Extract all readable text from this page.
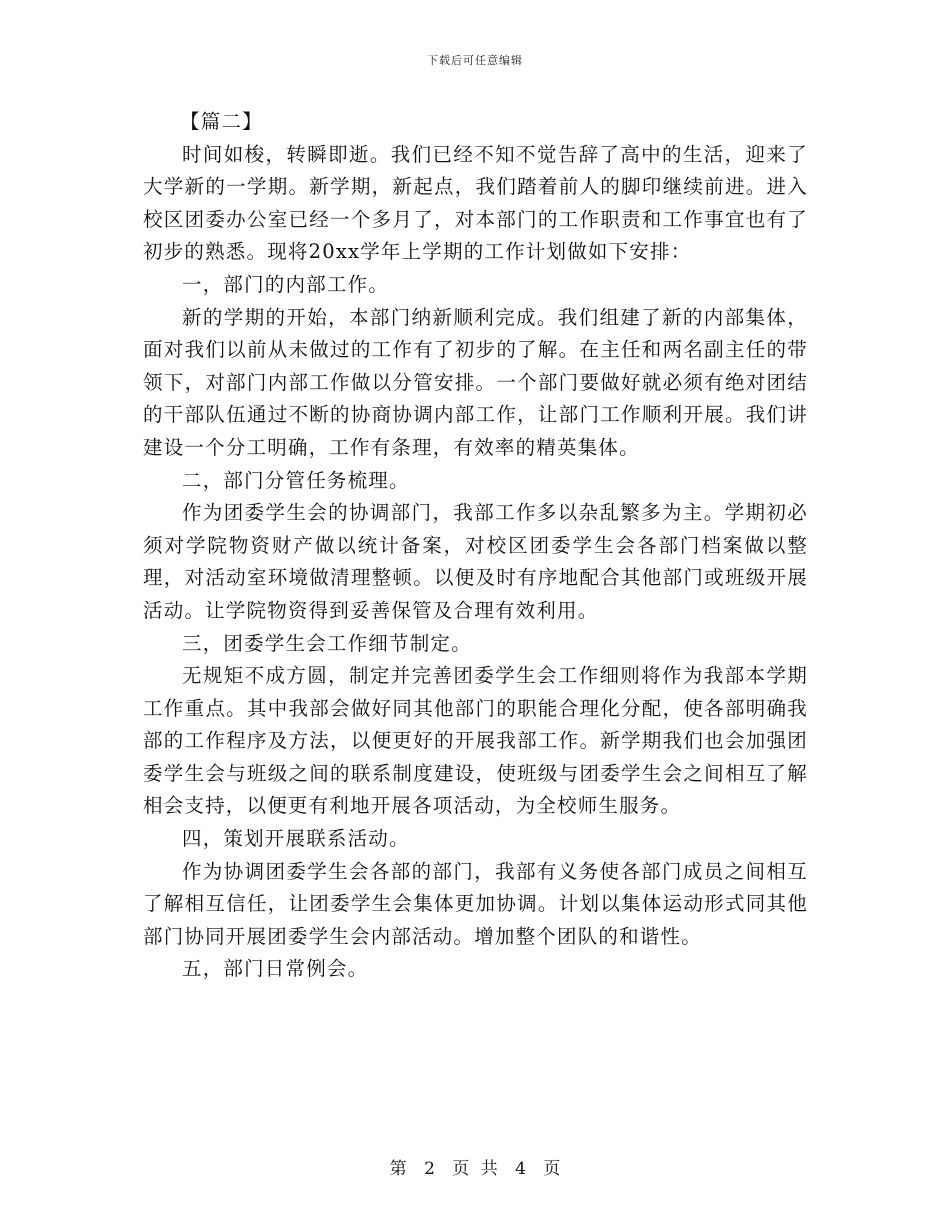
下载后可任意编辑

【篇二】

时间如梭，转瞬即逝。我们已经不知不觉告辞了高中的生活，迎来了大学新的一学期。新学期，新起点，我们踏着前人的脚印继续前进。进入校区团委办公室已经一个多月了，对本部门的工作职责和工作事宜也有了初步的熟悉。现将20xx学年上学期的工作计划做如下安排：

一，部门的内部工作。

新的学期的开始，本部门纳新顺利完成。我们组建了新的内部集体，面对我们以前从未做过的工作有了初步的了解。在主任和两名副主任的带领下，对部门内部工作做以分管安排。一个部门要做好就必须有绝对团结的干部队伍通过不断的协商协调内部工作，让部门工作顺利开展。我们讲建设一个分工明确，工作有条理，有效率的精英集体。

二，部门分管任务梳理。

作为团委学生会的协调部门，我部工作多以杂乱繁多为主。学期初必须对学院物资财产做以统计备案，对校区团委学生会各部门档案做以整理，对活动室环境做清理整顿。以便及时有序地配合其他部门或班级开展活动。让学院物资得到妥善保管及合理有效利用。

三，团委学生会工作细节制定。

无规矩不成方圆，制定并完善团委学生会工作细则将作为我部本学期工作重点。其中我部会做好同其他部门的职能合理化分配，使各部明确我部的工作程序及方法，以便更好的开展我部工作。新学期我们也会加强团委学生会与班级之间的联系制度建设，使班级与团委学生会之间相互了解相会支持，以便更有利地开展各项活动，为全校师生服务。

四，策划开展联系活动。

作为协调团委学生会各部的部门，我部有义务使各部门成员之间相互了解相互信任，让团委学生会集体更加协调。计划以集体运动形式同其他部门协同开展团委学生会内部活动。增加整个团队的和谐性。

五，部门日常例会。

第 2 页 共 4 页
